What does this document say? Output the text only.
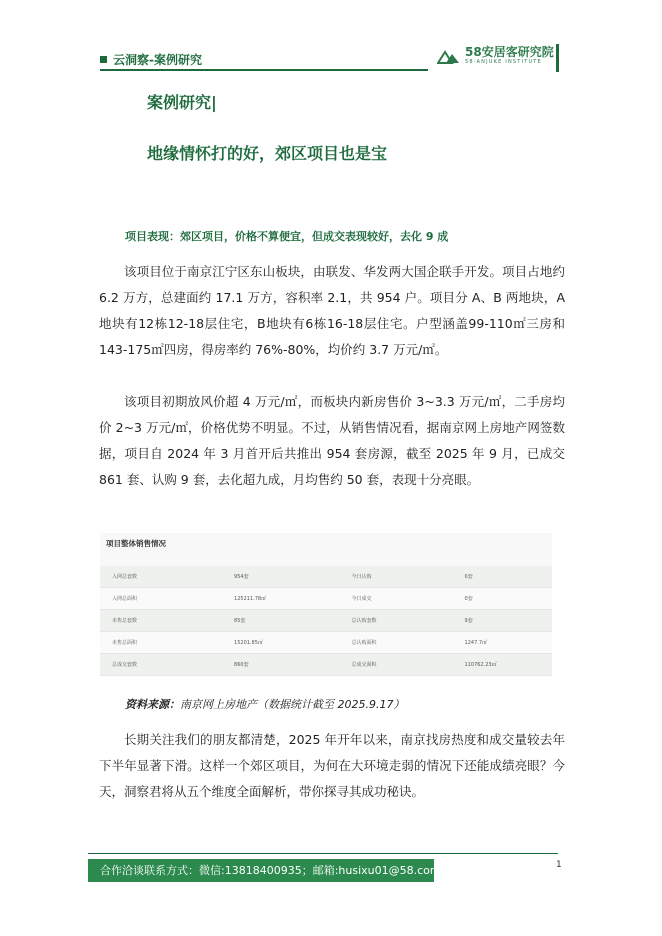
云洞察-案例研究
58安居客研究院
58·ANJUKE INSTITUTE
案例研究|
地缘情怀打的好，郊区项目也是宝
项目表现：郊区项目，价格不算便宜，但成交表现较好，去化 9 成

该项目位于南京江宁区东山板块，由联发、华发两大国企联手开发。项目占地约 6.2 万方，总建面约 17.1 万方，容积率 2.1，共 954 户。项目分 A、B 两地块，A 地块有12栋12-18层住宅，B地块有6栋16-18层住宅。户型涵盖99-110㎡三房和143-175㎡四房，得房率约 76%-80%，均价约 3.7 万元/㎡。

该项目初期放风价超 4 万元/㎡，而板块内新房售价 3~3.3 万元/㎡，二手房均价 2~3 万元/㎡，价格优势不明显。不过，从销售情况看，据南京网上房地产网签数据，项目自 2024 年 3 月首开后共推出 954 套房源，截至 2025 年 9 月，已成交 861 套、认购 9 套，去化超九成，月均售约 50 套，表现十分亮眼。

项目整体销售情况
入网总套数	954套	今日认购	0套
入网总面积	125211.78㎡	今日成交	0套
未售总套数	85套	总认购套数	9套
未售总面积	15201.85㎡	总认购面积	1247.7㎡
总成交套数	860套	总成交面积	110762.23㎡
资料来源：南京网上房地产（数据统计截至 2025.9.17）

长期关注我们的朋友都清楚，2025 年开年以来，南京找房热度和成交量较去年下半年显著下滑。这样一个郊区项目，为何在大环境走弱的情况下还能成绩亮眼？今天，洞察君将从五个维度全面解析，带你探寻其成功秘诀。

合作洽谈联系方式：微信:13818400935；邮箱:husixu01@58.com；	1
